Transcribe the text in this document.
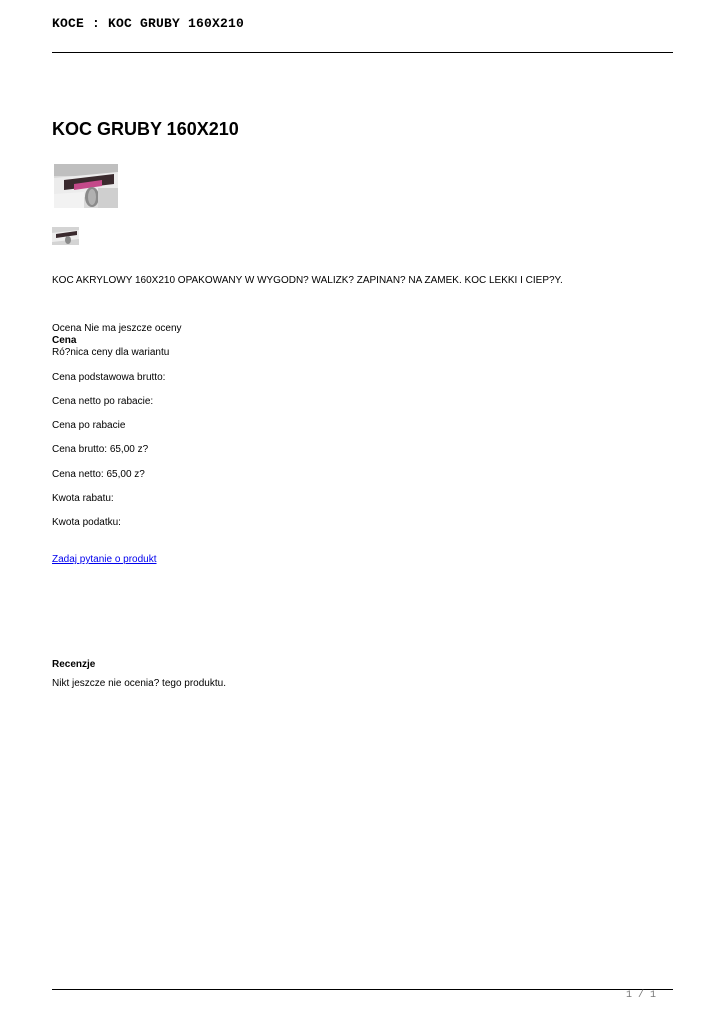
KOCE : KOC GRUBY 160X210
KOC GRUBY 160X210
KOC AKRYLOWY 160X210 OPAKOWANY W WYGODN? WALIZK? ZAPINAN? NA ZAMEK. KOC LEKKI I CIEP?Y.
Ocena Nie ma jeszcze oceny
Cena
Ró?nica ceny dla wariantu
Cena podstawowa brutto:
Cena netto po rabacie:
Cena po rabacie
Cena brutto: 65,00 z?
Cena netto: 65,00 z?
Kwota rabatu:
Kwota podatku:
Zadaj pytanie o produkt
Recenzje
Nikt jeszcze nie ocenia? tego produktu.
1 / 1
